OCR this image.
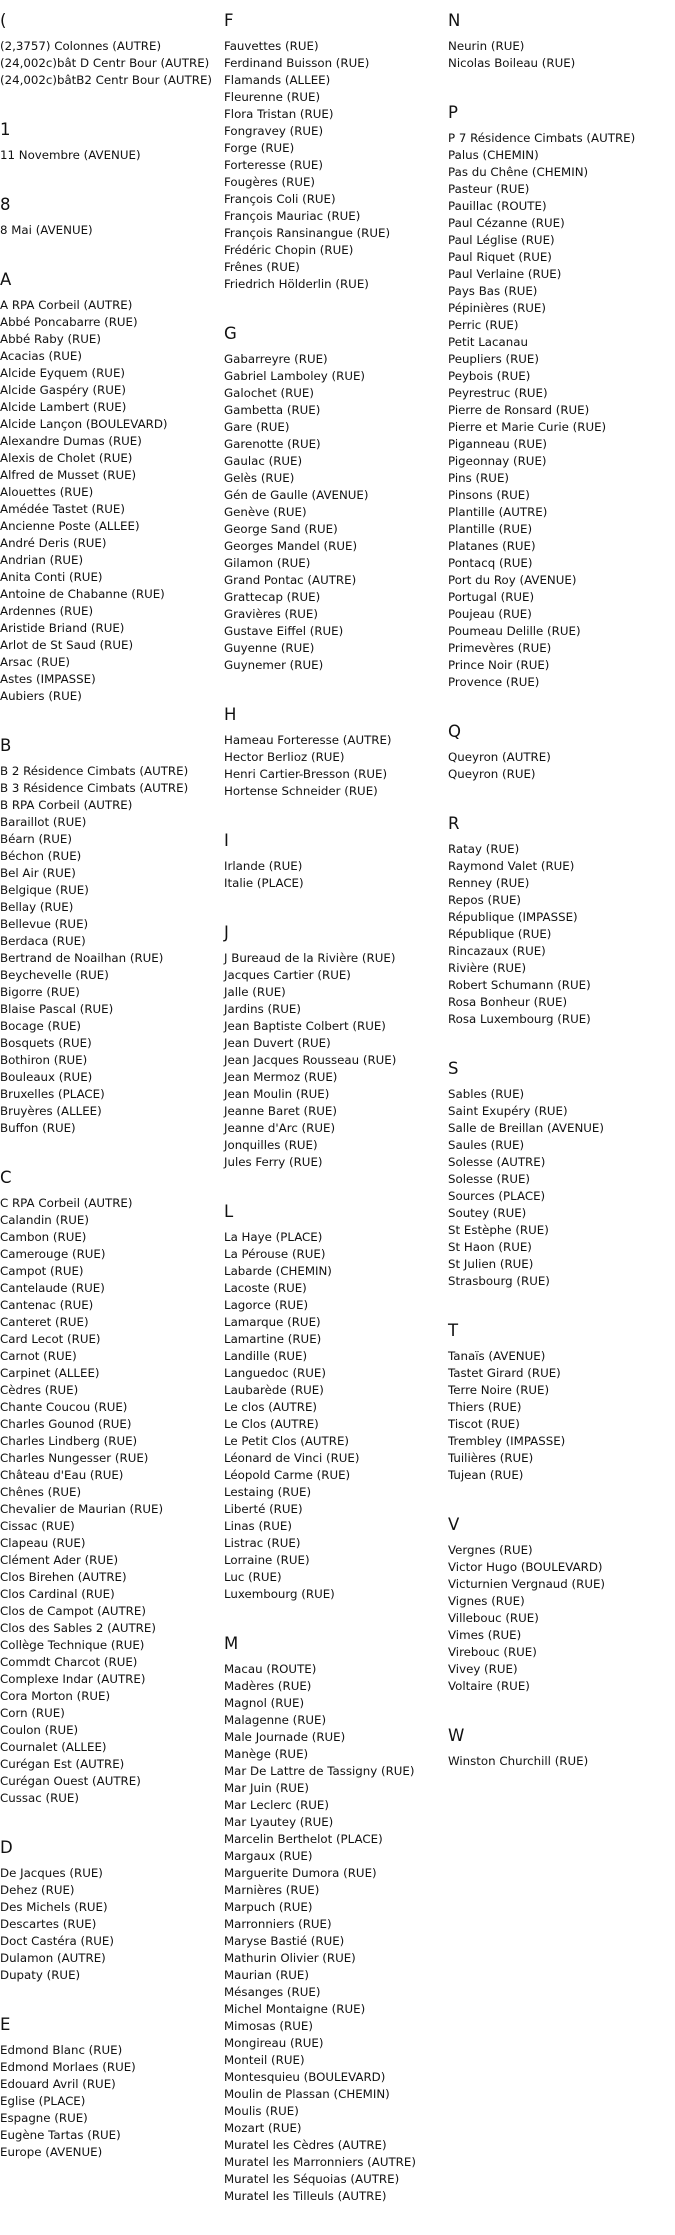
(
(2,3757) Colonnes (AUTRE)
(24,002c)bât D Centr Bour (AUTRE)
(24,002c)bâtB2 Centr Bour (AUTRE)
1
11 Novembre (AVENUE)
8
8 Mai (AVENUE)
A
A RPA Corbeil (AUTRE)
Abbé Poncabarre (RUE)
Abbé Raby (RUE)
Acacias (RUE)
Alcide Eyquem (RUE)
Alcide Gaspéry (RUE)
Alcide Lambert (RUE)
Alcide Lançon (BOULEVARD)
Alexandre Dumas (RUE)
Alexis de Cholet (RUE)
Alfred de Musset (RUE)
Alouettes (RUE)
Amédée Tastet (RUE)
Ancienne Poste (ALLEE)
André Deris (RUE)
Andrian (RUE)
Anita Conti (RUE)
Antoine de Chabanne (RUE)
Ardennes (RUE)
Aristide Briand (RUE)
Arlot de St Saud (RUE)
Arsac (RUE)
Astes (IMPASSE)
Aubiers (RUE)
B
B 2 Résidence Cimbats (AUTRE)
B 3 Résidence Cimbats (AUTRE)
B RPA Corbeil (AUTRE)
Baraillot (RUE)
Béarn (RUE)
Béchon (RUE)
Bel Air (RUE)
Belgique (RUE)
Bellay (RUE)
Bellevue (RUE)
Berdaca (RUE)
Bertrand de Noailhan (RUE)
Beychevelle (RUE)
Bigorre (RUE)
Blaise Pascal (RUE)
Bocage (RUE)
Bosquets (RUE)
Bothiron (RUE)
Bouleaux (RUE)
Bruxelles (PLACE)
Bruyères (ALLEE)
Buffon (RUE)
C
C RPA Corbeil (AUTRE)
Calandin (RUE)
Cambon (RUE)
Camerouge (RUE)
Campot (RUE)
Cantelaude (RUE)
Cantenac (RUE)
Canteret (RUE)
Card Lecot (RUE)
Carnot (RUE)
Carpinet (ALLEE)
Cèdres (RUE)
Chante Coucou (RUE)
Charles Gounod (RUE)
Charles Lindberg (RUE)
Charles Nungesser (RUE)
Château d'Eau (RUE)
Chênes (RUE)
Chevalier de Maurian (RUE)
Cissac (RUE)
Clapeau (RUE)
Clément Ader (RUE)
Clos Birehen (AUTRE)
Clos Cardinal (RUE)
Clos de Campot (AUTRE)
Clos des Sables 2 (AUTRE)
Collège Technique (RUE)
Commdt Charcot (RUE)
Complexe Indar (AUTRE)
Cora Morton (RUE)
Corn (RUE)
Coulon (RUE)
Cournalet (ALLEE)
Curégan Est (AUTRE)
Curégan Ouest (AUTRE)
Cussac (RUE)
D
De Jacques (RUE)
Dehez (RUE)
Des Michels (RUE)
Descartes (RUE)
Doct Castéra (RUE)
Dulamon (AUTRE)
Dupaty (RUE)
E
Edmond Blanc (RUE)
Edmond Morlaes (RUE)
Edouard Avril (RUE)
Eglise (PLACE)
Espagne (RUE)
Eugène Tartas (RUE)
Europe (AVENUE)
F
Fauvettes (RUE)
Ferdinand Buisson (RUE)
Flamands (ALLEE)
Fleurenne (RUE)
Flora Tristan (RUE)
Fongravey (RUE)
Forge (RUE)
Forteresse (RUE)
Fougères (RUE)
François Coli (RUE)
François Mauriac (RUE)
François Ransinangue (RUE)
Frédéric Chopin (RUE)
Frênes (RUE)
Friedrich Hölderlin (RUE)
G
Gabarreyre (RUE)
Gabriel Lamboley (RUE)
Galochet (RUE)
Gambetta (RUE)
Gare (RUE)
Garenotte (RUE)
Gaulac (RUE)
Gelès (RUE)
Gén de Gaulle (AVENUE)
Genève (RUE)
George Sand (RUE)
Georges Mandel (RUE)
Gilamon (RUE)
Grand Pontac (AUTRE)
Grattecap (RUE)
Gravières (RUE)
Gustave Eiffel (RUE)
Guyenne (RUE)
Guynemer (RUE)
H
Hameau Forteresse (AUTRE)
Hector Berlioz (RUE)
Henri Cartier-Bresson (RUE)
Hortense Schneider (RUE)
I
Irlande (RUE)
Italie (PLACE)
J
J Bureaud de la Rivière (RUE)
Jacques Cartier (RUE)
Jalle (RUE)
Jardins (RUE)
Jean Baptiste Colbert (RUE)
Jean Duvert (RUE)
Jean Jacques Rousseau (RUE)
Jean Mermoz (RUE)
Jean Moulin (RUE)
Jeanne Baret (RUE)
Jeanne d'Arc (RUE)
Jonquilles (RUE)
Jules Ferry (RUE)
L
La Haye (PLACE)
La Pérouse (RUE)
Labarde (CHEMIN)
Lacoste (RUE)
Lagorce (RUE)
Lamarque (RUE)
Lamartine (RUE)
Landille (RUE)
Languedoc (RUE)
Laubarède (RUE)
Le clos (AUTRE)
Le Clos (AUTRE)
Le Petit Clos (AUTRE)
Léonard de Vinci (RUE)
Léopold Carme (RUE)
Lestaing (RUE)
Liberté (RUE)
Linas (RUE)
Listrac (RUE)
Lorraine (RUE)
Luc (RUE)
Luxembourg (RUE)
M
Macau (ROUTE)
Madères (RUE)
Magnol (RUE)
Malagenne (RUE)
Male Journade (RUE)
Manège (RUE)
Mar De Lattre de Tassigny (RUE)
Mar Juin (RUE)
Mar Leclerc (RUE)
Mar Lyautey (RUE)
Marcelin Berthelot (PLACE)
Margaux (RUE)
Marguerite Dumora (RUE)
Marnières (RUE)
Marpuch (RUE)
Marronniers (RUE)
Maryse Bastié (RUE)
Mathurin Olivier (RUE)
Maurian (RUE)
Mésanges (RUE)
Michel Montaigne (RUE)
Mimosas (RUE)
Mongireau (RUE)
Monteil (RUE)
Montesquieu (BOULEVARD)
Moulin de Plassan (CHEMIN)
Moulis (RUE)
Mozart (RUE)
Muratel les Cèdres (AUTRE)
Muratel les Marronniers (AUTRE)
Muratel les Séquoias (AUTRE)
Muratel les Tilleuls (AUTRE)
N
Neurin (RUE)
Nicolas Boileau (RUE)
P
P 7 Résidence Cimbats (AUTRE)
Palus (CHEMIN)
Pas du Chêne (CHEMIN)
Pasteur (RUE)
Pauillac (ROUTE)
Paul Cézanne (RUE)
Paul Léglise (RUE)
Paul Riquet (RUE)
Paul Verlaine (RUE)
Pays Bas (RUE)
Pépinières (RUE)
Perric (RUE)
Petit Lacanau
Peupliers (RUE)
Peybois (RUE)
Peyrestruc (RUE)
Pierre de Ronsard (RUE)
Pierre et Marie Curie (RUE)
Piganneau (RUE)
Pigeonnay (RUE)
Pins (RUE)
Pinsons (RUE)
Plantille (AUTRE)
Plantille (RUE)
Platanes (RUE)
Pontacq (RUE)
Port du Roy (AVENUE)
Portugal (RUE)
Poujeau (RUE)
Poumeau Delille (RUE)
Primevères (RUE)
Prince Noir (RUE)
Provence (RUE)
Q
Queyron (AUTRE)
Queyron (RUE)
R
Ratay (RUE)
Raymond Valet (RUE)
Renney (RUE)
Repos (RUE)
République (IMPASSE)
République (RUE)
Rincazaux (RUE)
Rivière (RUE)
Robert Schumann (RUE)
Rosa Bonheur (RUE)
Rosa Luxembourg (RUE)
S
Sables (RUE)
Saint Exupéry (RUE)
Salle de Breillan (AVENUE)
Saules (RUE)
Solesse (AUTRE)
Solesse (RUE)
Sources (PLACE)
Soutey (RUE)
St Estèphe (RUE)
St Haon (RUE)
St Julien (RUE)
Strasbourg (RUE)
T
Tanaïs (AVENUE)
Tastet Girard (RUE)
Terre Noire (RUE)
Thiers (RUE)
Tiscot (RUE)
Trembley (IMPASSE)
Tuilières (RUE)
Tujean (RUE)
V
Vergnes (RUE)
Victor Hugo (BOULEVARD)
Victurnien Vergnaud (RUE)
Vignes (RUE)
Villebouc (RUE)
Vimes (RUE)
Virebouc (RUE)
Vivey (RUE)
Voltaire (RUE)
W
Winston Churchill (RUE)
